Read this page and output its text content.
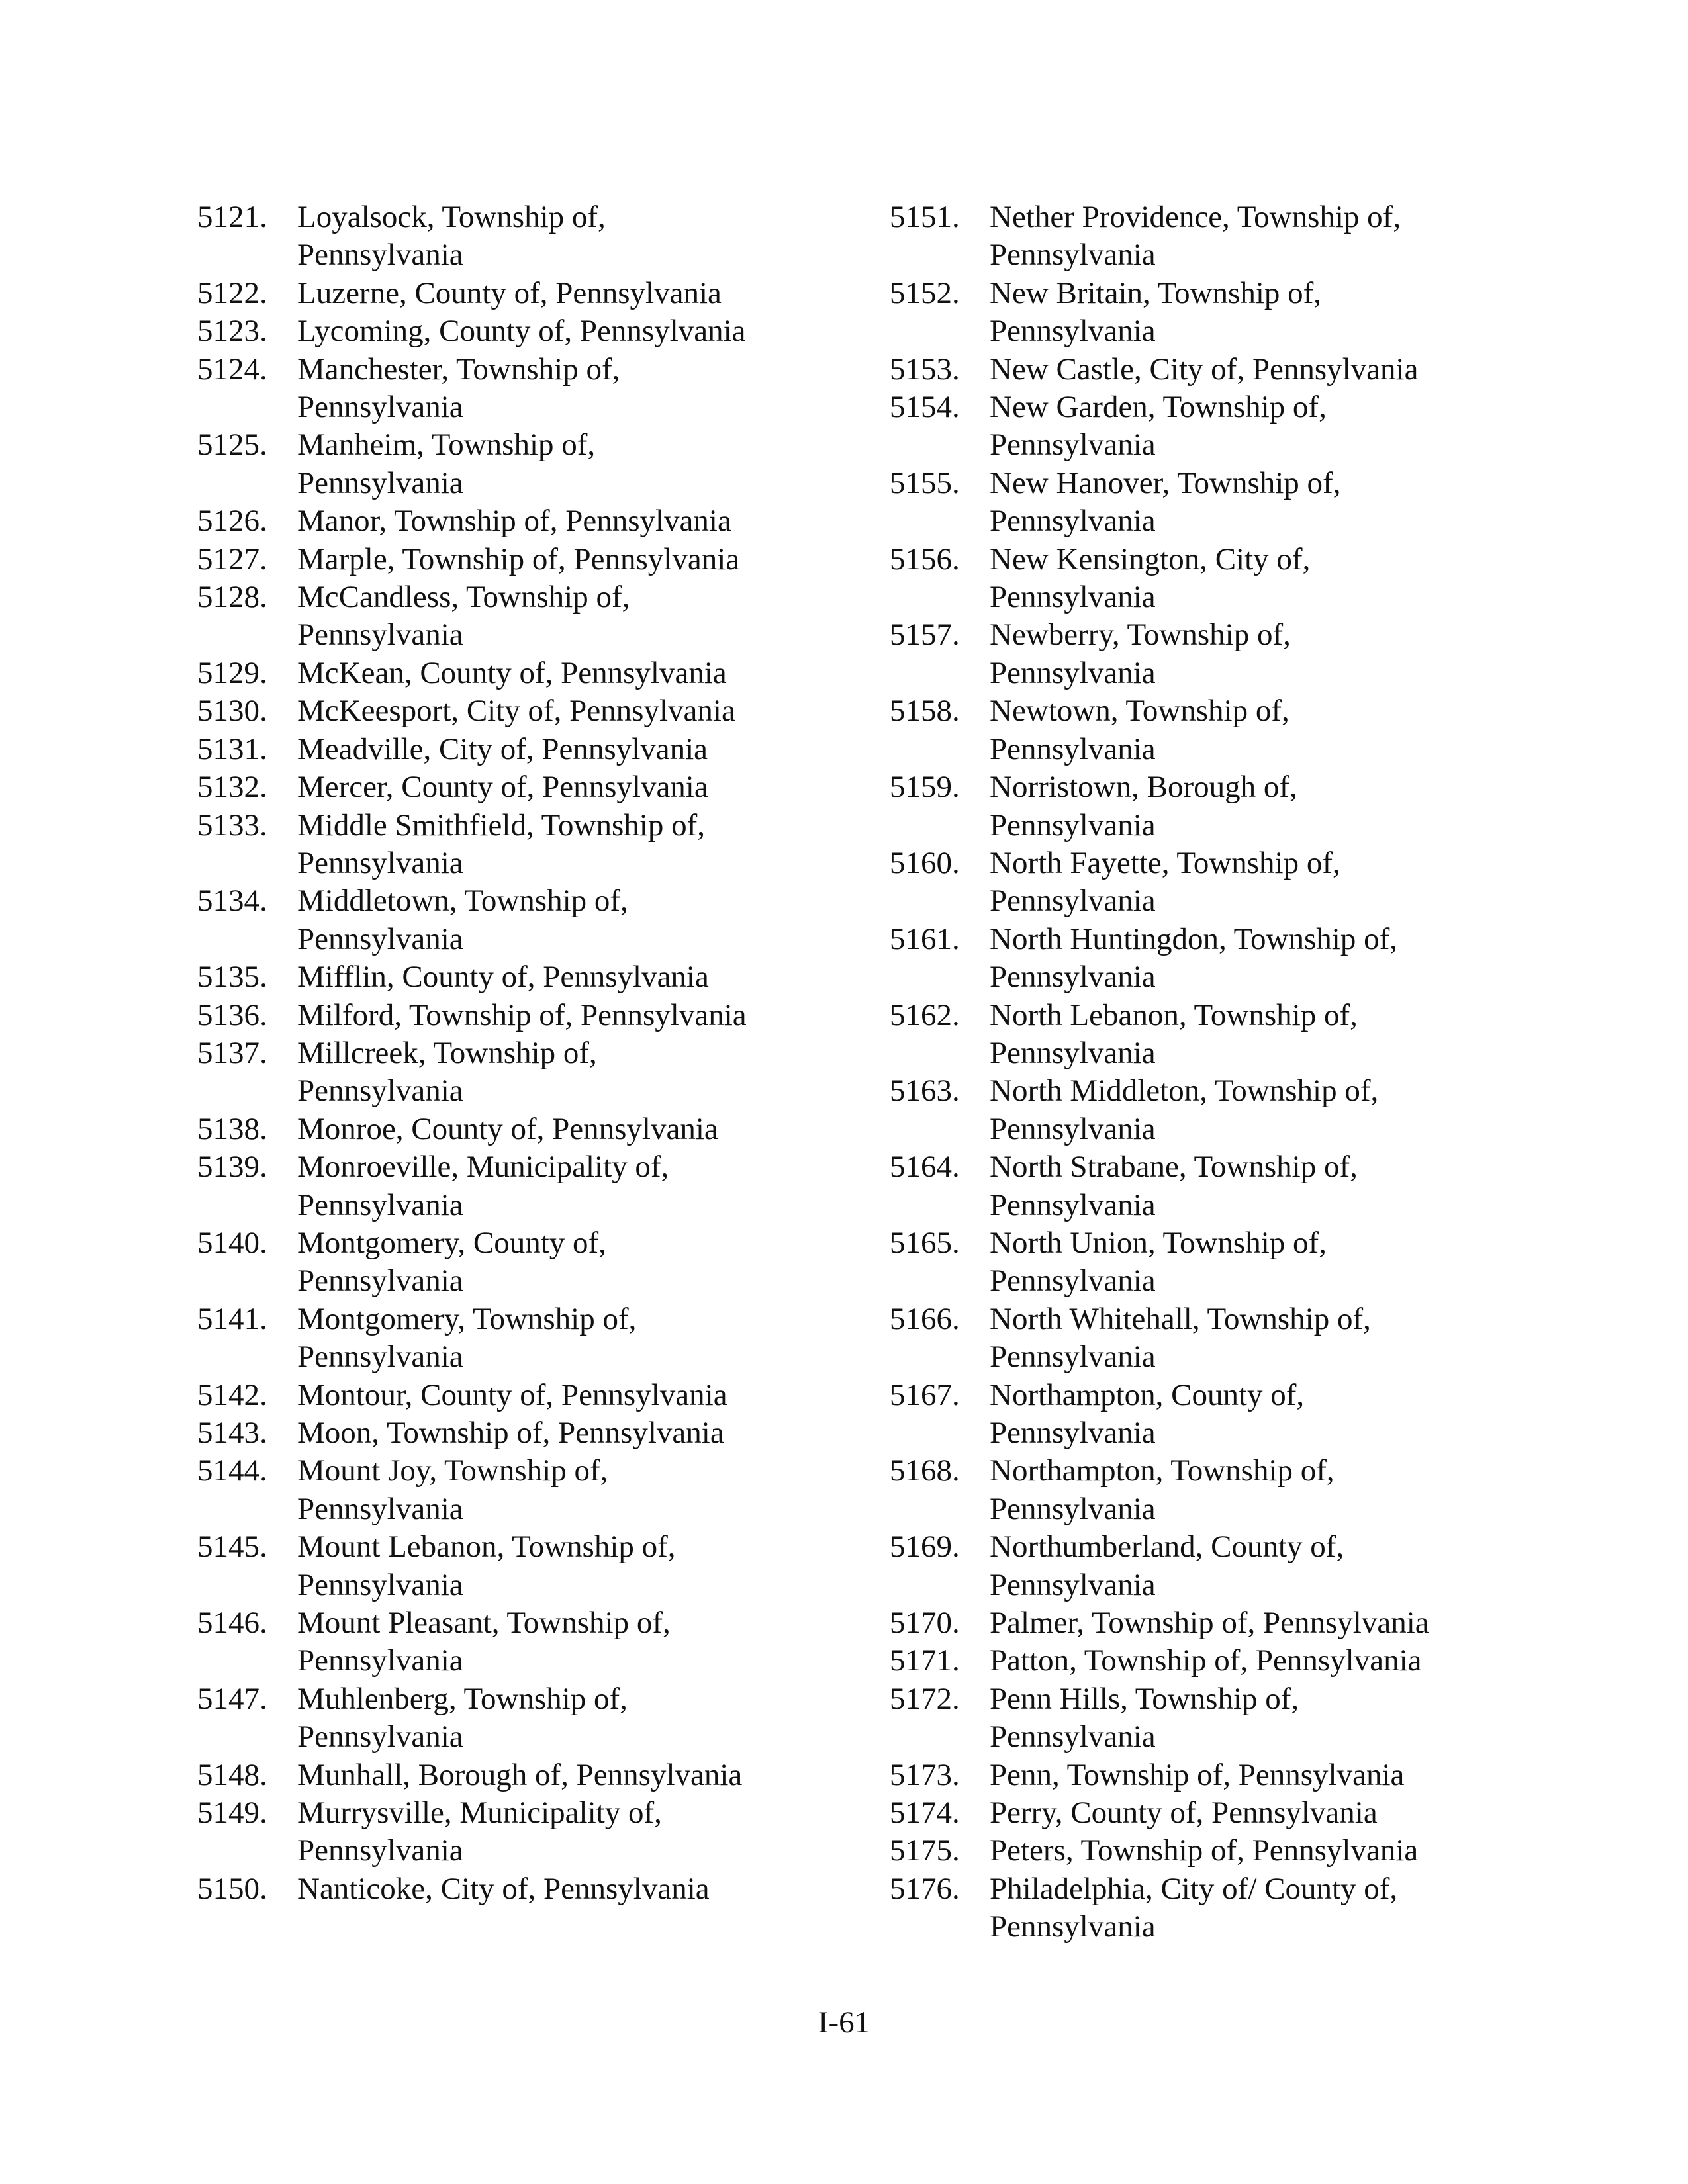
5121. Loyalsock, Township of,
Pennsylvania
5122. Luzerne, County of, Pennsylvania
5123. Lycoming, County of, Pennsylvania
5124. Manchester, Township of,
Pennsylvania
5125. Manheim, Township of,
Pennsylvania
5126. Manor, Township of, Pennsylvania
5127. Marple, Township of, Pennsylvania
5128. McCandless, Township of,
Pennsylvania
5129. McKean, County of, Pennsylvania
5130. McKeesport, City of, Pennsylvania
5131. Meadville, City of, Pennsylvania
5132. Mercer, County of, Pennsylvania
5133. Middle Smithfield, Township of,
Pennsylvania
5134. Middletown, Township of,
Pennsylvania
5135. Mifflin, County of, Pennsylvania
5136. Milford, Township of, Pennsylvania
5137. Millcreek, Township of,
Pennsylvania
5138. Monroe, County of, Pennsylvania
5139. Monroeville, Municipality of,
Pennsylvania
5140. Montgomery, County of,
Pennsylvania
5141. Montgomery, Township of,
Pennsylvania
5142. Montour, County of, Pennsylvania
5143. Moon, Township of, Pennsylvania
5144. Mount Joy, Township of,
Pennsylvania
5145. Mount Lebanon, Township of,
Pennsylvania
5146. Mount Pleasant, Township of,
Pennsylvania
5147. Muhlenberg, Township of,
Pennsylvania
5148. Munhall, Borough of, Pennsylvania
5149. Murrysville, Municipality of,
Pennsylvania
5150. Nanticoke, City of, Pennsylvania
5151. Nether Providence, Township of,
Pennsylvania
5152. New Britain, Township of,
Pennsylvania
5153. New Castle, City of, Pennsylvania
5154. New Garden, Township of,
Pennsylvania
5155. New Hanover, Township of,
Pennsylvania
5156. New Kensington, City of,
Pennsylvania
5157. Newberry, Township of,
Pennsylvania
5158. Newtown, Township of,
Pennsylvania
5159. Norristown, Borough of,
Pennsylvania
5160. North Fayette, Township of,
Pennsylvania
5161. North Huntingdon, Township of,
Pennsylvania
5162. North Lebanon, Township of,
Pennsylvania
5163. North Middleton, Township of,
Pennsylvania
5164. North Strabane, Township of,
Pennsylvania
5165. North Union, Township of,
Pennsylvania
5166. North Whitehall, Township of,
Pennsylvania
5167. Northampton, County of,
Pennsylvania
5168. Northampton, Township of,
Pennsylvania
5169. Northumberland, County of,
Pennsylvania
5170. Palmer, Township of, Pennsylvania
5171. Patton, Township of, Pennsylvania
5172. Penn Hills, Township of,
Pennsylvania
5173. Penn, Township of, Pennsylvania
5174. Perry, County of, Pennsylvania
5175. Peters, Township of, Pennsylvania
5176. Philadelphia, City of/ County of,
Pennsylvania
I-61
